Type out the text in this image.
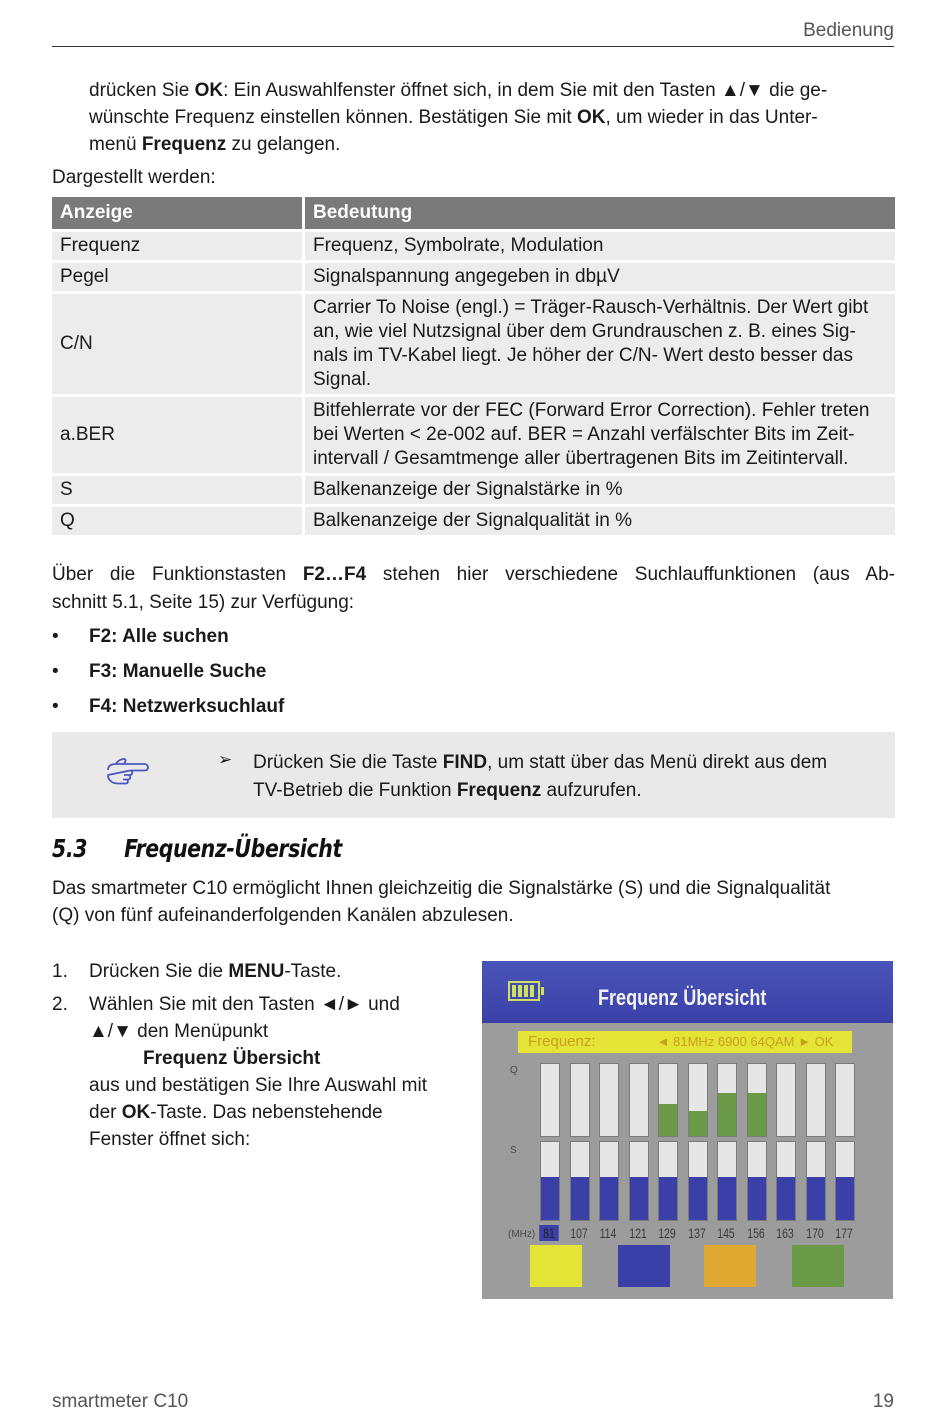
Bedienung

drücken Sie OK: Ein Auswahlfenster öffnet sich, in dem Sie mit den Tasten ▲/▼ die ge-
wünschte Frequenz einstellen können. Bestätigen Sie mit OK, um wieder in das Unter-
menü Frequenz zu gelangen.

Dargestellt werden:

Anzeige	Bedeutung
Frequenz	Frequenz, Symbolrate, Modulation
Pegel	Signalspannung angegeben in dbµV
C/N	Carrier To Noise (engl.) = Träger-Rausch-Verhältnis. Der Wert gibt
an, wie viel Nutzsignal über dem Grundrauschen z. B. eines Sig-
nals im TV-Kabel liegt. Je höher der C/N- Wert desto besser das
Signal.
a.BER	Bitfehlerrate vor der FEC (Forward Error Correction). Fehler treten
bei Werten < 2e-002 auf. BER = Anzahl verfälschter Bits im Zeit-
intervall / Gesamtmenge aller übertragenen Bits im Zeitintervall.
S	Balkenanzeige der Signalstärke in %
Q	Balkenanzeige der Signalqualität in %

Über die Funktionstasten F2…F4 stehen hier verschiedene Suchlauffunktionen (aus Ab-

schnitt 5.1, Seite 15) zur Verfügung:

• F2: Alle suchen
• F3: Manuelle Suche
• F4: Netzwerksuchlauf
➢ Drücken Sie die Taste FIND, um statt über das Menü direkt aus dem
TV-Betrieb die Funktion Frequenz aufzurufen.
5.3 Frequenz-Übersicht

Das smartmeter C10 ermöglicht Ihnen gleichzeitig die Signalstärke (S) und die Signalqualität
(Q) von fünf aufeinanderfolgenden Kanälen abzulesen.

1. Drücken Sie die MENU-Taste.
2. Wählen Sie mit den Tasten ◄/► und
▲/▼ den Menüpunkt
Frequenz Übersicht
aus und bestätigen Sie Ihre Auswahl mit
der OK-Taste. Das nebenstehende
Fenster öffnet sich:
Frequenz Übersicht
Frequenz:	◄ 81MHz 6900 64QAM ► OK
Q
S
(MHz) 81 107 114 121 129 137 145 156 163 170 177
smartmeter C10	19
